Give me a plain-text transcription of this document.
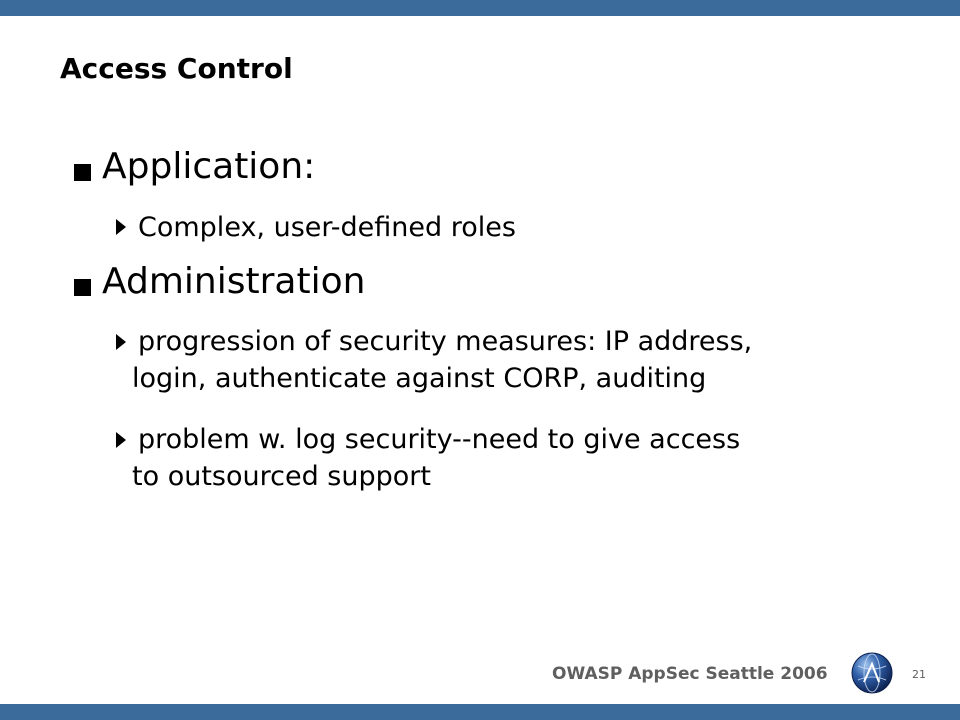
Access Control
Application:
Complex, user-defined roles
Administration
progression of security measures: IP address,
login, authenticate against CORP, auditing
problem w. log security--need to give access
to outsourced support
OWASP AppSec Seattle 2006	21
